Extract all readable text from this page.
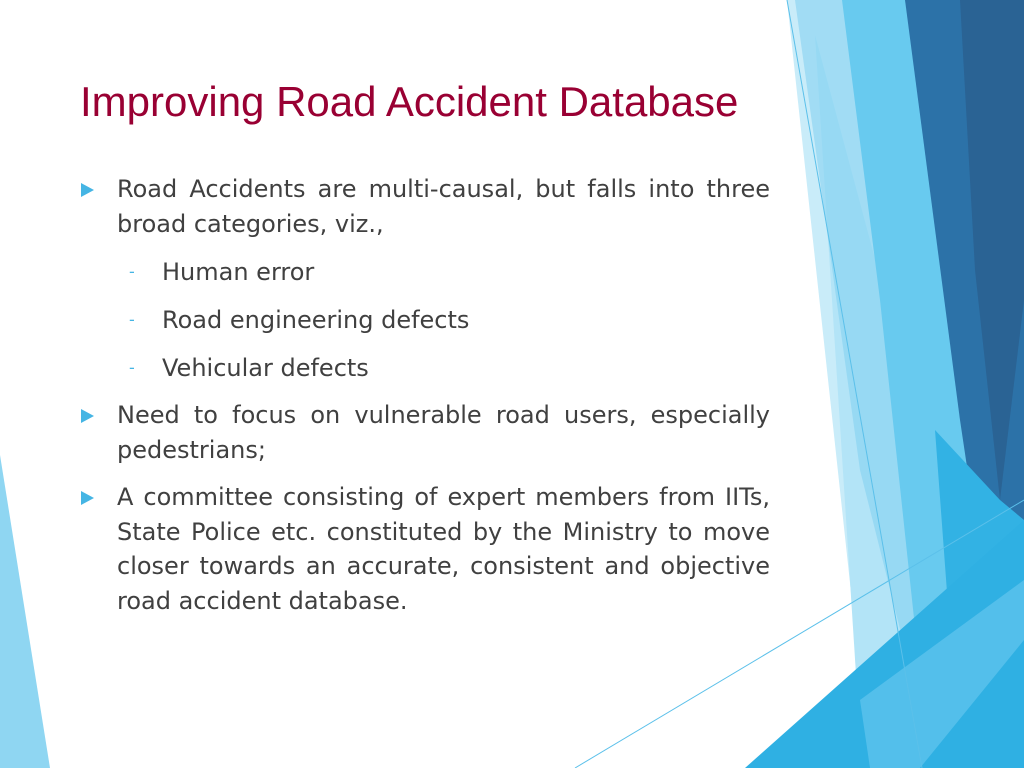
Improving Road Accident Database
Road Accidents are multi-causal, but falls into three broad categories, viz.,
- Human error
- Road engineering defects
- Vehicular defects
Need to focus on vulnerable road users, especially pedestrians;
A committee consisting of expert members from IITs, State Police etc. constituted by the Ministry to move closer towards an accurate, consistent and objective road accident database.
